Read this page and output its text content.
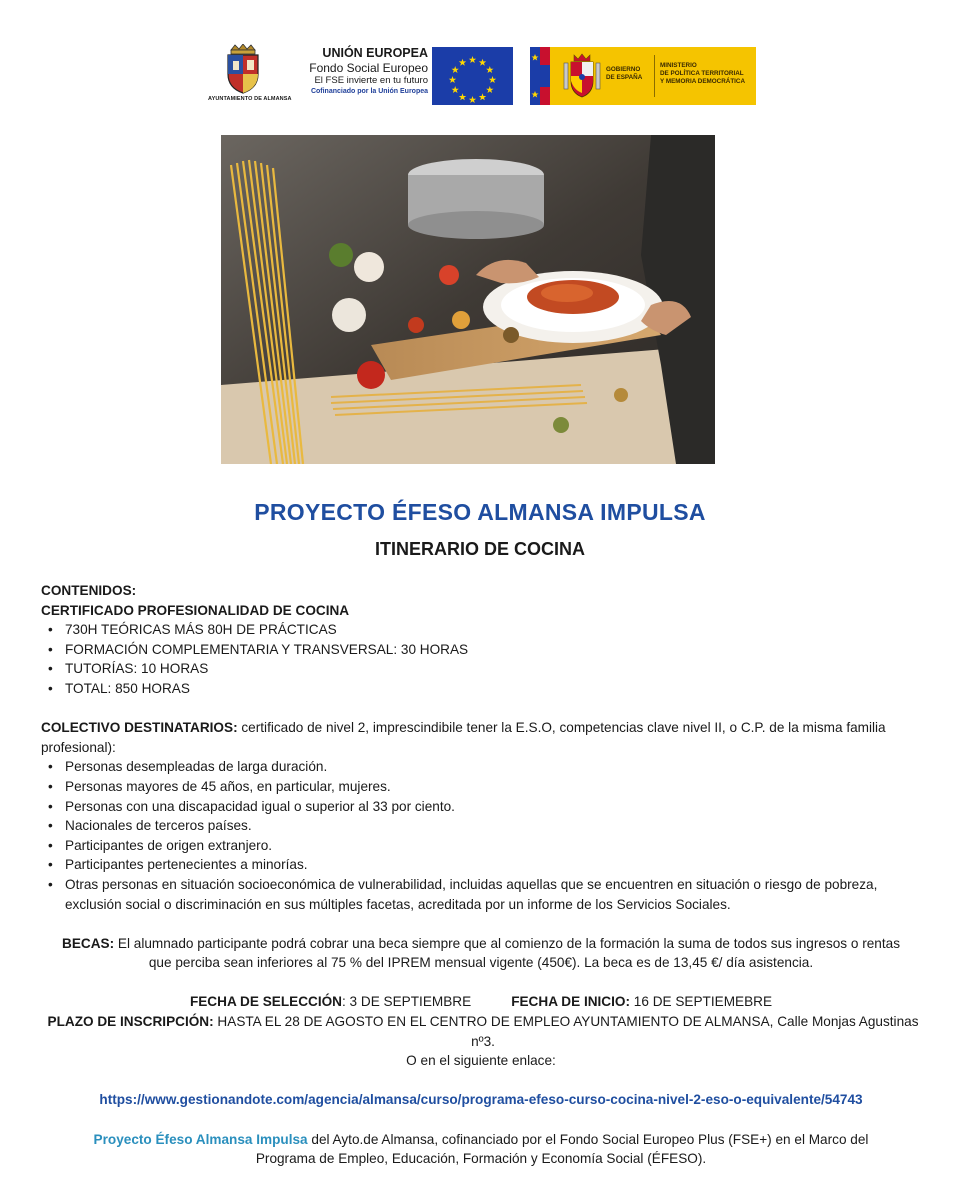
AYUNTAMIENTO DE ALMANSA
UNIÓN EUROPEA
Fondo Social Europeo
El FSE invierte en tu futuro
Cofinanciado por la Unión Europea
GOBIERNO
DE ESPAÑA
MINISTERIO
DE POLÍTICA TERRITORIAL
Y MEMORIA DEMOCRÁTICA
PROYECTO ÉFESO ALMANSA IMPULSA
ITINERARIO DE COCINA
CONTENIDOS:
CERTIFICADO PROFESIONALIDAD DE COCINA
• 730H TEÓRICAS MÁS 80H DE PRÁCTICAS
• FORMACIÓN COMPLEMENTARIA Y TRANSVERSAL: 30 HORAS
• TUTORÍAS: 10 HORAS
• TOTAL: 850 HORAS
COLECTIVO DESTINATARIOS: certificado de nivel 2, imprescindibile tener la E.S.O, competencias clave nivel II, o C.P. de la misma familia profesional):
• Personas desempleadas de larga duración.
• Personas mayores de 45 años, en particular, mujeres.
• Personas con una discapacidad igual o superior al 33 por ciento.
• Nacionales de terceros países.
• Participantes de origen extranjero.
• Participantes pertenecientes a minorías.
• Otras personas en situación socioeconómica de vulnerabilidad, incluidas aquellas que se encuentren en situación o riesgo de pobreza, exclusión social o discriminación en sus múltiples facetas, acreditada por un informe de los Servicios Sociales.
BECAS: El alumnado participante podrá cobrar una beca siempre que al comienzo de la formación la suma de todos sus ingresos o rentas que perciba sean inferiores al 75 % del IPREM mensual vigente (450€). La beca es de 13,45 €/ día asistencia.
FECHA DE SELECCIÓN: 3 DE SEPTIEMBRE	FECHA DE INICIO: 16 DE SEPTIEMEBRE
PLAZO DE INSCRIPCIÓN: HASTA EL 28 DE AGOSTO EN EL CENTRO DE EMPLEO AYUNTAMIENTO DE ALMANSA, Calle Monjas Agustinas nº3.
O en el siguiente enlace:
https://www.gestionandote.com/agencia/almansa/curso/programa-efeso-curso-cocina-nivel-2-eso-o-equivalente/54743
Proyecto Éfeso Almansa Impulsa del Ayto.de Almansa, cofinanciado por el Fondo Social Europeo Plus (FSE+) en el Marco del Programa de Empleo, Educación, Formación y Economía Social (ÉFESO).
